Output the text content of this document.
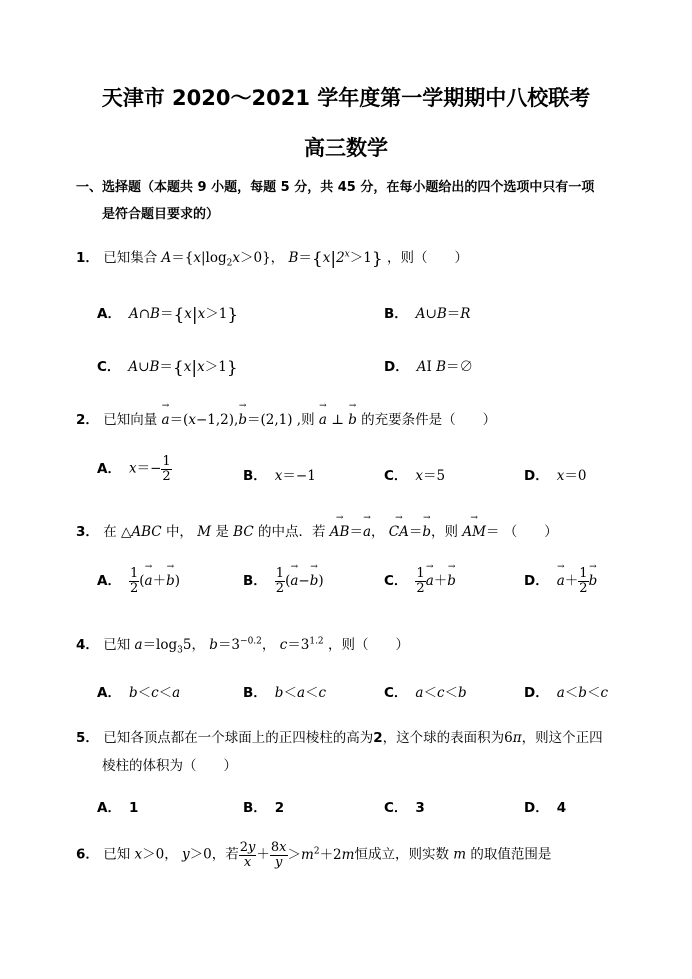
天津市 2020～2021 学年度第一学期期中八校联考
高三数学
一、选择题（本题共 9 小题，每题 5 分，共 45 分，在每小题给出的四个选项中只有一项
是符合题目要求的）
1． 已知集合 $A=\{x|\log_2x>0\}$， $B=\{x|2^x>1\}$ ，则（　　）
A． A∩B＝{x|x＞1}	B． A∪B＝R
C． A∪B＝{x|x＞1}	D． AI B＝∅
2． 已知向量 → a＝(x−1,2),→ b＝(2,1) ,则 → a ⊥ → b 的充要条件是（　　）
A． $x=- \frac{1}{2}$	B． x＝−1	C． x＝5	D． x＝0
3． 在 △ABC 中， M 是 BC 的中点．若 → AB＝→ a， → CA＝→ b，则 → AM＝ （　　）
A． $\frac{1}{2}$ (→ a＋→ b)	B． $\frac{1}{2}$ (→ a−→ b)	C． $\frac{1}{2}$
→ a＋→ b	D．→ $a+ \frac{1}{2}$
→ b
4． 已知 $a=\log_35$， $b=3^{-0.2}$， $c=3^{1.2}$ ，则（　　）
A． b＜c＜a	B． b＜a＜c	C． a＜c＜b	D． a＜b＜c
5． 已知各顶点都在一个球面上的正四棱柱的高为2，这个球的表面积为6π，则这个正四
棱柱的体积为（　　）
A． 1	B． 2	C． 3	D． 4
6． 已知 x＞0， y＞0，若 $\frac{2y}{x} + \frac{8x}{y} >m^2+2m$恒成立，则实数 m 的取值范围是
